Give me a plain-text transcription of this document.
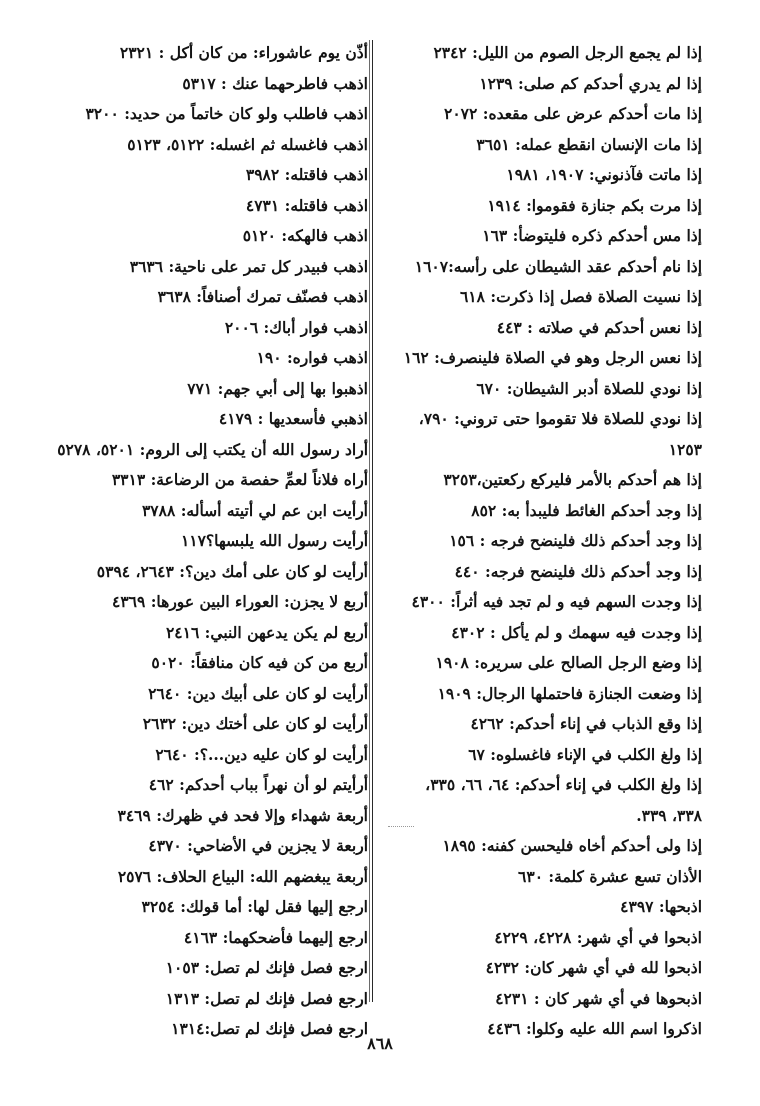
إذا لم يجمع الرجل الصوم من الليل: ٢٣٤٢
إذا لم يدري أحدكم كم صلى: ١٢٣٩
إذا مات أحدكم عرض على مقعده: ٢٠٧٢
إذا مات الإنسان انقطع عمله: ٣٦٥١
إذا ماتت فآذنوني: ١٩٠٧، ١٩٨١
إذا مرت بكم جنازة فقوموا: ١٩١٤
إذا مس أحدكم ذكره فليتوضأ: ١٦٣
إذا نام أحدكم عقد الشيطان على رأسه:١٦٠٧
إذا نسيت الصلاة فصل إذا ذكرت: ٦١٨
إذا نعس أحدكم في صلاته : ٤٤٣
إذا نعس الرجل وهو في الصلاة فلينصرف: ١٦٢
إذا نودي للصلاة أدبر الشيطان: ٦٧٠
إذا نودي للصلاة فلا تقوموا حتى تروني: ٧٩٠، ١٢٥٣
إذا هم أحدكم بالأمر فليركع ركعتين،٣٢٥٣
إذا وجد أحدكم الغائط فليبدأ به: ٨٥٢
إذا وجد أحدكم ذلك فلينضح فرجه : ١٥٦
إذا وجد أحدكم ذلك فلينضح فرجه: ٤٤٠
إذا وجدت السهم فيه و لم تجد فيه أثراً: ٤٣٠٠
إذا وجدت فيه سهمك و لم يأكل : ٤٣٠٢
إذا وضع الرجل الصالح على سريره: ١٩٠٨
إذا وضعت الجنازة فاحتملها الرجال: ١٩٠٩
إذا وقع الذباب في إناء أحدكم: ٤٢٦٢
إذا ولغ الكلب في الإناء فاغسلوه: ٦٧
إذا ولغ الكلب في إناء أحدكم: ٦٤، ٦٦، ٣٣٥، ٣٣٨، ٣٣٩.
إذا ولى أحدكم أخاه فليحسن كفنه: ١٨٩٥
الأذان تسع عشرة كلمة: ٦٣٠
اذبحها: ٤٣٩٧
اذبحوا في أي شهر: ٤٢٢٨، ٤٢٢٩
اذبحوا لله في أي شهر كان: ٤٢٣٢
اذبحوها في أي شهر كان : ٤٢٣١
اذكروا اسم الله عليه وكلوا: ٤٤٣٦
أذّن يوم عاشوراء: من كان أكل : ٢٣٢١
اذهب فاطرحهما عنك : ٥٣١٧
اذهب فاطلب ولو كان خاتماً من حديد: ٣٢٠٠
اذهب فاغسله ثم اغسله: ٥١٢٢، ٥١٢٣
اذهب فاقتله: ٣٩٨٢
اذهب فاقتله: ٤٧٣١
اذهب فالهكه: ٥١٢٠
اذهب فبيدر كل تمر على ناحية: ٣٦٣٦
اذهب فصنّف تمرك أصنافاً: ٣٦٣٨
اذهب فوار أباك: ٢٠٠٦
اذهب فواره: ١٩٠
اذهبوا بها إلى أبي جهم: ٧٧١
اذهبي فأسعديها : ٤١٧٩
أراد رسول الله أن يكتب إلى الروم: ٥٢٠١، ٥٢٧٨
أراه فلاناً لعمِّ حفصة من الرضاعة: ٣٣١٣
أرأيت ابن عم لي أتيته أسأله: ٣٧٨٨
أرأيت رسول الله يلبسها؟١١٧
أرأيت لو كان على أمك دين؟: ٢٦٤٣، ٥٣٩٤
أربع لا يجزن: العوراء البين عورها: ٤٣٦٩
أربع لم يكن يدعهن النبي: ٢٤١٦
أربع من كن فيه كان منافقاً: ٥٠٢٠
أرأيت لو كان على أبيك دين: ٢٦٤٠
أرأيت لو كان على أختك دين: ٢٦٣٢
أرأيت لو كان عليه دين...؟: ٢٦٤٠
أرأيتم لو أن نهراً بباب أحدكم: ٤٦٢
أربعة شهداء وإلا فحد في ظهرك: ٣٤٦٩
أربعة لا يجزين في الأضاحي: ٤٣٧٠
أربعة يبغضهم الله: البياع الحلاف: ٢٥٧٦
ارجع إليها فقل لها: أما قولك: ٣٢٥٤
ارجع إليهما فأضحكهما: ٤١٦٣
ارجع فصل فإنك لم تصل: ١٠٥٣
ارجع فصل فإنك لم تصل: ١٣١٣
ارجع فصل فإنك لم تصل:١٣١٤
٨٦٨
